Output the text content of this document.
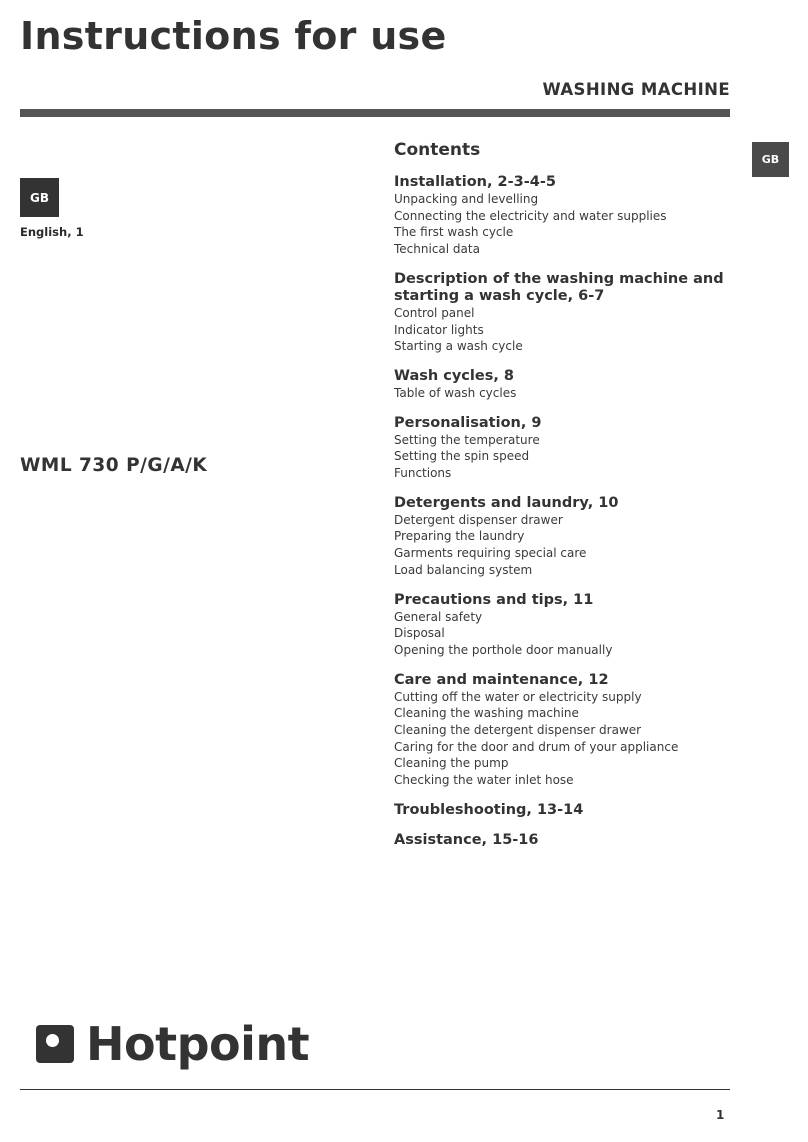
Instructions for use
WASHING MACHINE
GB
GB
English, 1
WML 730 P/G/A/K
Contents
Installation, 2-3-4-5
Unpacking and levelling
Connecting the electricity and water supplies
The first wash cycle
Technical data
Description of the washing machine and starting a wash cycle, 6-7
Control panel
Indicator lights
Starting a wash cycle
Wash cycles, 8
Table of wash cycles
Personalisation, 9
Setting the temperature
Setting the spin speed
Functions
Detergents and laundry, 10
Detergent dispenser drawer
Preparing the laundry
Garments requiring special care
Load balancing system
Precautions and tips, 11
General safety
Disposal
Opening the porthole door manually
Care and maintenance, 12
Cutting off the water or electricity supply
Cleaning the washing machine
Cleaning the detergent dispenser drawer
Caring for the door and drum of your appliance
Cleaning the pump
Checking the water inlet hose
Troubleshooting, 13-14
Assistance, 15-16
Hotpoint
1
